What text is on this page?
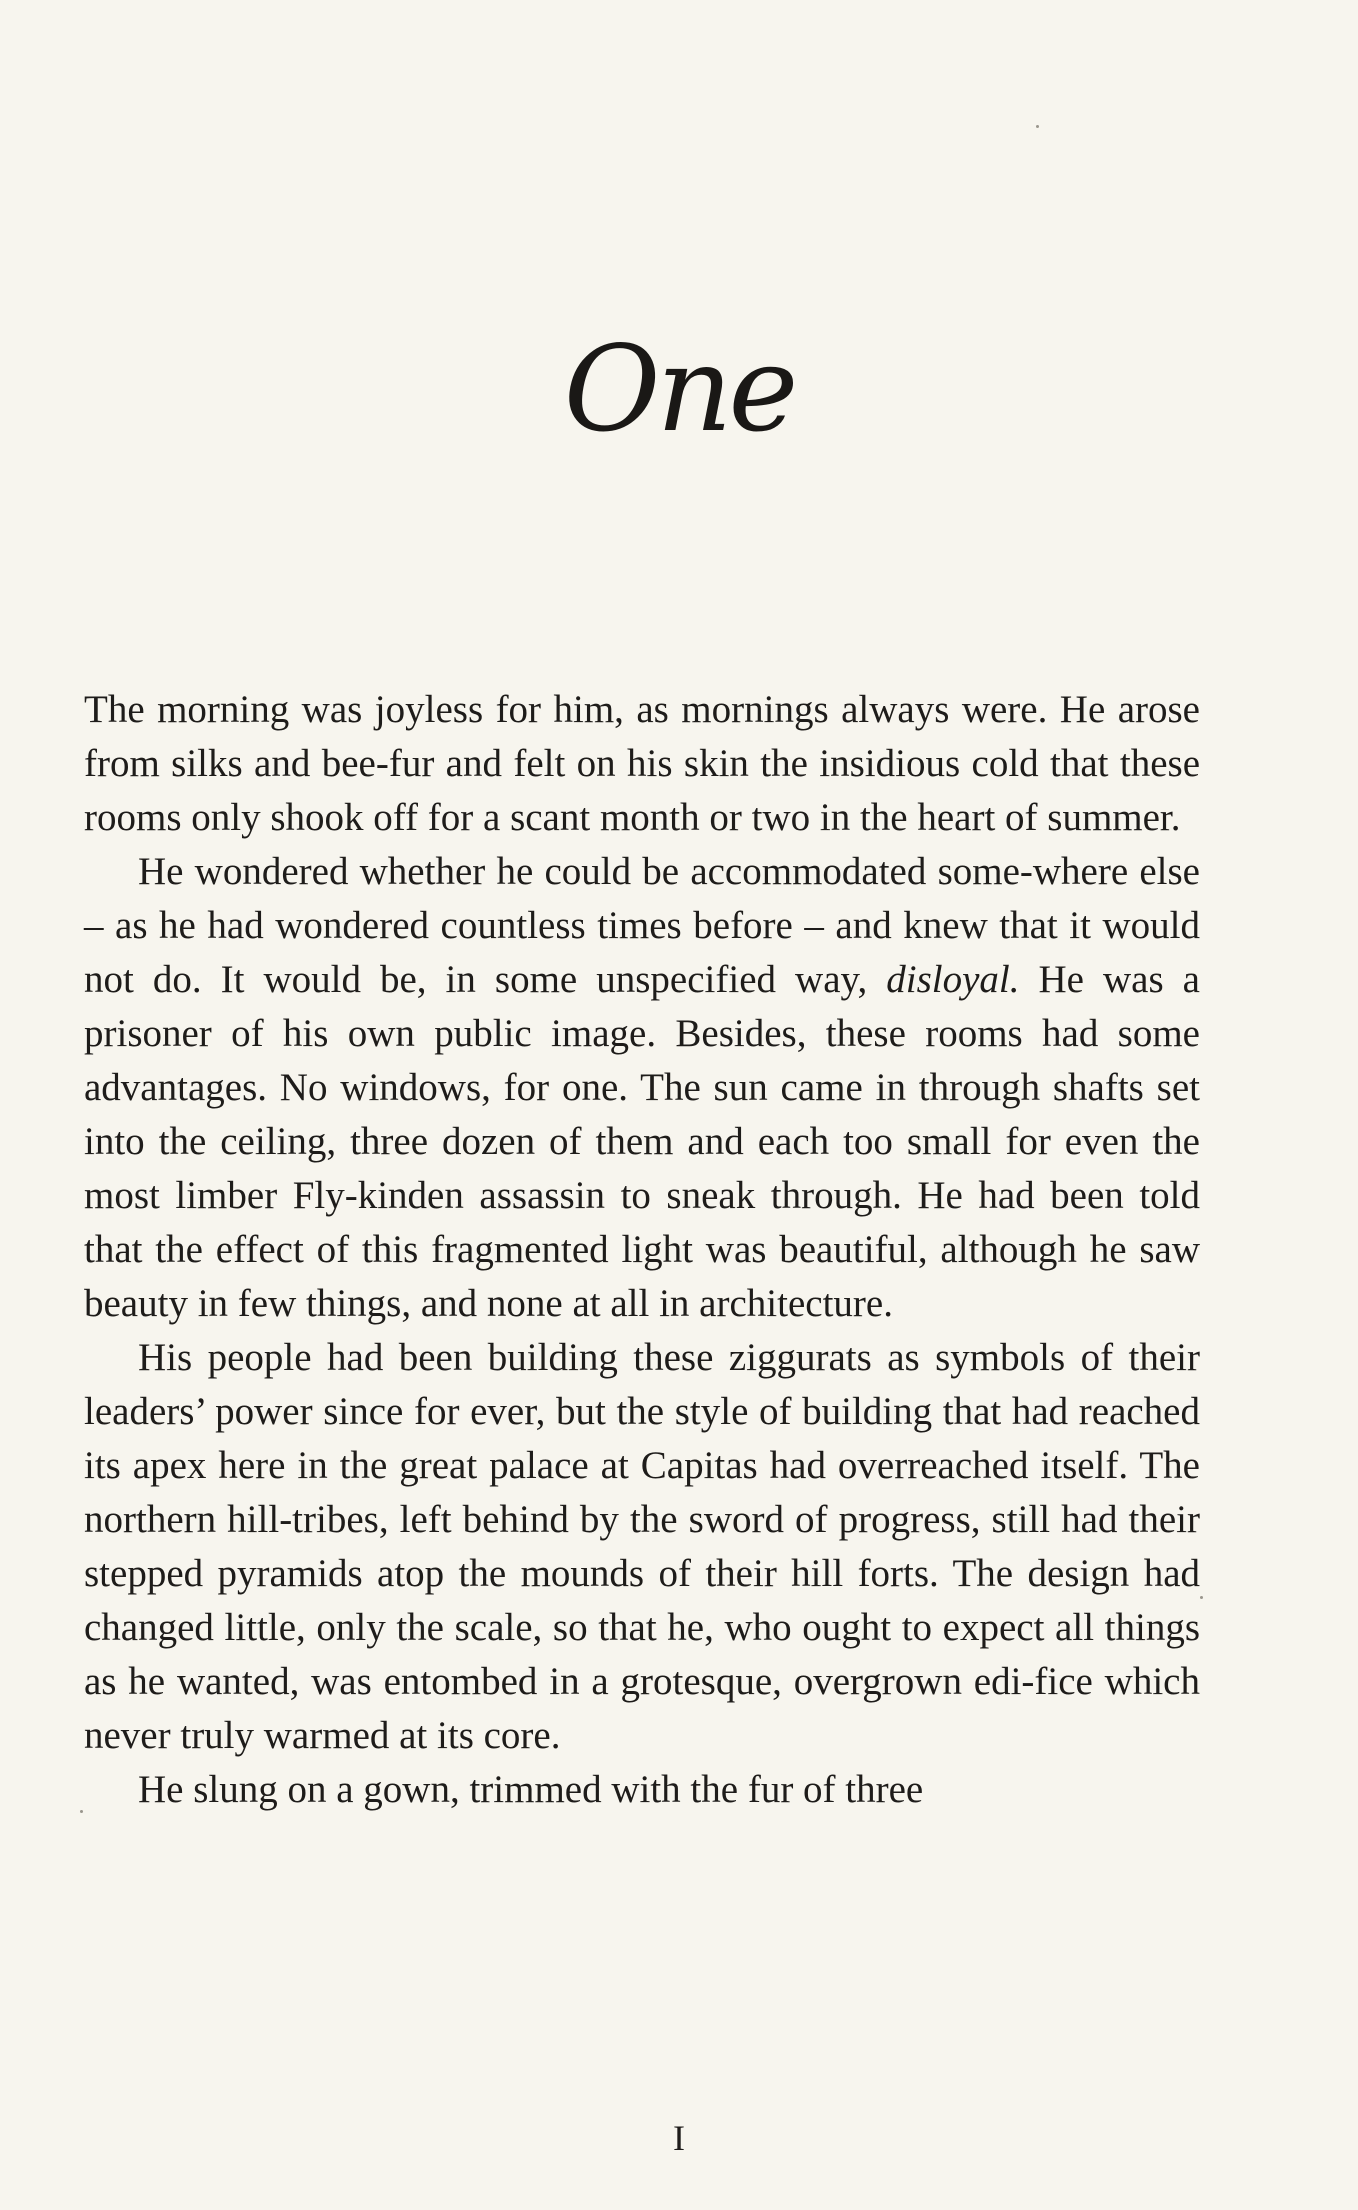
One

The morning was joyless for him, as mornings always were. He arose from silks and bee-fur and felt on his skin the insidious cold that these rooms only shook off for a scant month or two in the heart of summer.

He wondered whether he could be accommodated some-where else – as he had wondered countless times before – and knew that it would not do. It would be, in some unspecified way, disloyal. He was a prisoner of his own public image. Besides, these rooms had some advantages. No windows, for one. The sun came in through shafts set into the ceiling, three dozen of them and each too small for even the most limber Fly-kinden assassin to sneak through. He had been told that the effect of this fragmented light was beautiful, although he saw beauty in few things, and none at all in architecture.

His people had been building these ziggurats as symbols of their leaders’ power since for ever, but the style of building that had reached its apex here in the great palace at Capitas had overreached itself. The northern hill-tribes, left behind by the sword of progress, still had their stepped pyramids atop the mounds of their hill forts. The design had changed little, only the scale, so that he, who ought to expect all things as he wanted, was entombed in a grotesque, overgrown edi-fice which never truly warmed at its core.

He slung on a gown, trimmed with the fur of three

I
